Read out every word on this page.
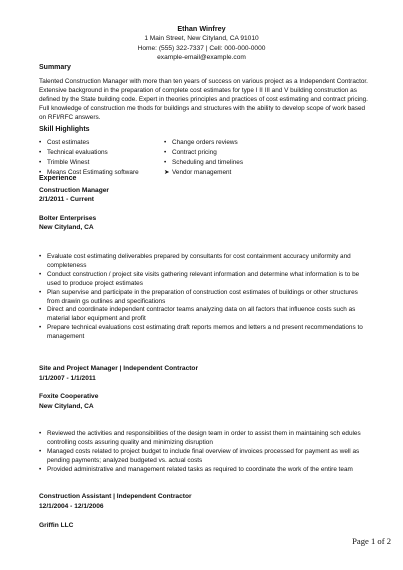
Ethan Winfrey
1 Main Street, New Cityland, CA 91010
Home: (555) 322-7337 | Cell: 000-000-0000
example-email@example.com
Summary
Talented Construction Manager with more than ten years of success on various project as a Independent Contractor.
Extensive background in the preparation of complete cost estimates for type I II III and V building construction as
defined by the State building code. Expert in theories principles and practices of cost estimating and contract pricing.
Full knowledge of construction me thods for buildings and structures with the ability to develop scope of work based
on RFI/RFC answers.
Skill Highlights
• Cost estimates
• Technical evaluations
• Trimble Winest
• Means Cost Estimating software
• Change orders reviews
• Contract pricing
• Scheduling and timelines
➤ Vendor management
Experience
Construction Manager
2/1/2011 - Current
Bolter Enterprises
New Cityland, CA
• Evaluate cost estimating deliverables prepared by consultants for cost containment accuracy uniformity and
completeness
• Conduct construction / project site visits gathering relevant information and determine what information is to be
used to produce project estimates
• Plan supervise and participate in the preparation of construction cost estimates of buildings or other structures
from drawin gs outlines and specifications
• Direct and coordinate independent contractor teams analyzing data on all factors that influence costs such as
material labor equipment and profit
• Prepare technical evaluations cost estimating draft reports memos and letters a nd present recommendations to
management
Site and Project Manager | Independent Contractor
1/1/2007 - 1/1/2011
Foxite Cooperative
New Cityland, CA
• Reviewed the activities and responsibilities of the design team in order to assist them in maintaining sch edules
controlling costs assuring quality and minimizing disruption
• Managed costs related to project budget to include final overview of invoices processed for payment as well as
pending payments; analyzed budgeted vs. actual costs
• Provided administrative and management related tasks as required to coordinate the work of the entire team
Construction Assistant | Independent Contractor
12/1/2004 - 12/1/2006
Griffin LLC
Page 1 of 2
